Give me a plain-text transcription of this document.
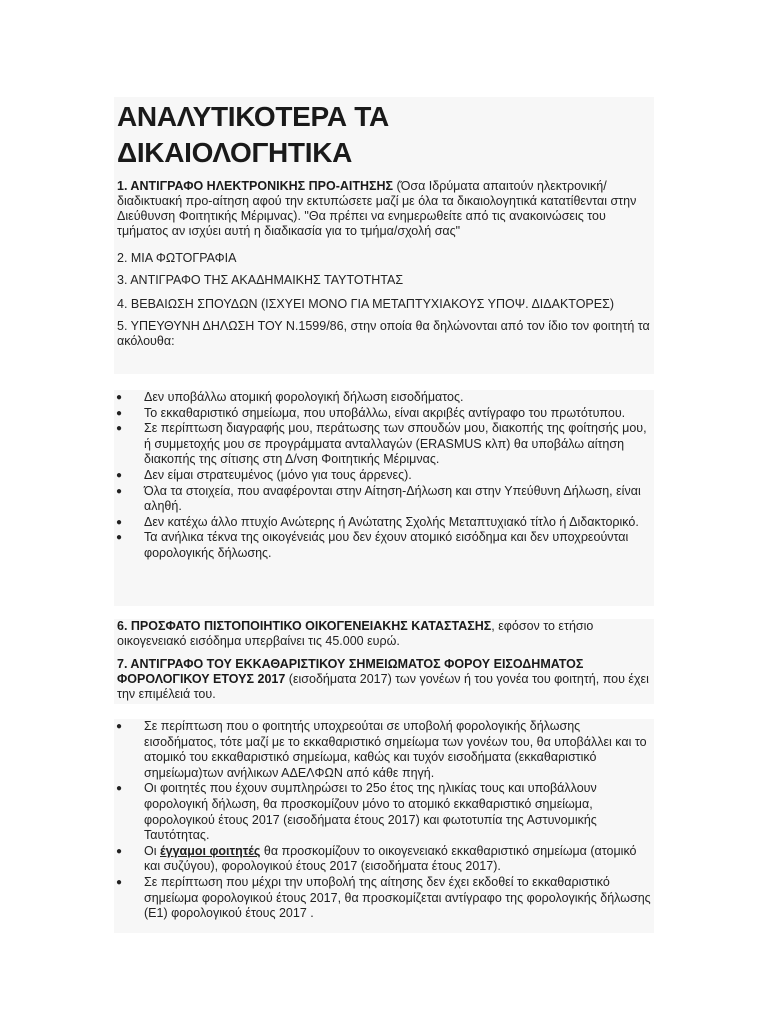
ΑΝΑΛΥΤΙΚΟΤΕΡΑ ΤΑ
ΔΙΚΑΙΟΛΟΓΗΤΙΚΑ

1. ΑΝΤΙΓΡΑΦΟ ΗΛΕΚΤΡΟΝΙΚΗΣ ΠΡΟ-ΑΙΤΗΣΗΣ (Όσα Ιδρύματα απαιτούν ηλεκτρονική/διαδικτυακή προ-αίτηση αφού την εκτυπώσετε μαζί με όλα τα δικαιολογητικά κατατίθενται στην Διεύθυνση Φοιτητικής Μέριμνας). "Θα πρέπει να ενημερωθείτε από τις ανακοινώσεις του τμήματος αν ισχύει αυτή η διαδικασία για το τμήμα/σχολή σας"

2. ΜΙΑ ΦΩΤΟΓΡΑΦΙΑ

3. ΑΝΤΙΓΡΑΦΟ ΤΗΣ ΑΚΑΔΗΜΑΙΚΗΣ ΤΑΥΤΟΤΗΤΑΣ

4. ΒΕΒΑΙΩΣΗ ΣΠΟΥΔΩΝ (ΙΣΧΥΕΙ ΜΟΝΟ ΓΙΑ ΜΕΤΑΠΤΥΧΙΑΚΟΥΣ ΥΠΟΨ. ΔΙΔΑΚΤΟΡΕΣ)

5. ΥΠΕΥΘΥΝΗ ΔΗΛΩΣΗ ΤΟΥ Ν.1599/86, στην οποία θα δηλώνονται από τον ίδιο τον φοιτητή τα ακόλουθα:

● Δεν υποβάλλω ατομική φορολογική δήλωση εισοδήματος.
● Το εκκαθαριστικό σημείωμα, που υποβάλλω, είναι ακριβές αντίγραφο του πρωτότυπου.
● Σε περίπτωση διαγραφής μου, περάτωσης των σπουδών μου, διακοπής της φοίτησής μου, ή συμμετοχής μου σε προγράμματα ανταλλαγών (ERASMUS κλπ) θα υποβάλω αίτηση διακοπής της σίτισης στη Δ/νση Φοιτητικής Μέριμνας.
● Δεν είμαι στρατευμένος (μόνο για τους άρρενες).
● Όλα τα στοιχεία, που αναφέρονται στην Αίτηση-Δήλωση και στην Υπεύθυνη Δήλωση, είναι αληθή.
● Δεν κατέχω άλλο πτυχίο Ανώτερης ή Ανώτατης Σχολής Μεταπτυχιακό τίτλο ή Διδακτορικό.
● Τα ανήλικα τέκνα της οικογένειάς μου δεν έχουν ατομικό εισόδημα και δεν υποχρεούνται φορολογικής δήλωσης.

6. ΠΡΟΣΦΑΤΟ ΠΙΣΤΟΠΟΙΗΤΙΚΟ ΟΙΚΟΓΕΝΕΙΑΚΗΣ ΚΑΤΑΣΤΑΣΗΣ, εφόσον το ετήσιο οικογενειακό εισόδημα υπερβαίνει τις 45.000 ευρώ.

7. ΑΝΤΙΓΡΑΦΟ ΤΟΥ ΕΚΚΑΘΑΡΙΣΤΙΚΟΥ ΣΗΜΕΙΩΜΑΤΟΣ ΦΟΡΟΥ ΕΙΣΟΔΗΜΑΤΟΣ ΦΟΡΟΛΟΓΙΚΟΥ ΕΤΟΥΣ 2017 (εισοδήματα 2017) των γονέων ή του γονέα του φοιτητή, που έχει την επιμέλειά του.

● Σε περίπτωση που ο φοιτητής υποχρεούται σε υποβολή φορολογικής δήλωσης εισοδήματος, τότε μαζί με το εκκαθαριστικό σημείωμα των γονέων του, θα υποβάλλει και το ατομικό του εκκαθαριστικό σημείωμα, καθώς και τυχόν εισοδήματα (εκκαθαριστικό σημείωμα)των ανήλικων ΑΔΕΛΦΩΝ από κάθε πηγή.
● Οι φοιτητές που έχουν συμπληρώσει το 25ο έτος της ηλικίας τους και υποβάλλουν φορολογική δήλωση, θα προσκομίζουν μόνο το ατομικό εκκαθαριστικό σημείωμα, φορολογικού έτους 2017 (εισοδήματα έτους 2017) και φωτοτυπία της Αστυνομικής Ταυτότητας.
● Οι έγγαμοι φοιτητές θα προσκομίζουν το οικογενειακό εκκαθαριστικό σημείωμα (ατομικό και συζύγου), φορολογικού έτους 2017 (εισοδήματα έτους 2017).
● Σε περίπτωση που μέχρι την υποβολή της αίτησης δεν έχει εκδοθεί το εκκαθαριστικό σημείωμα φορολογικού έτους 2017, θα προσκομίζεται αντίγραφο της φορολογικής δήλωσης (Ε1) φορολογικού έτους 2017 .
